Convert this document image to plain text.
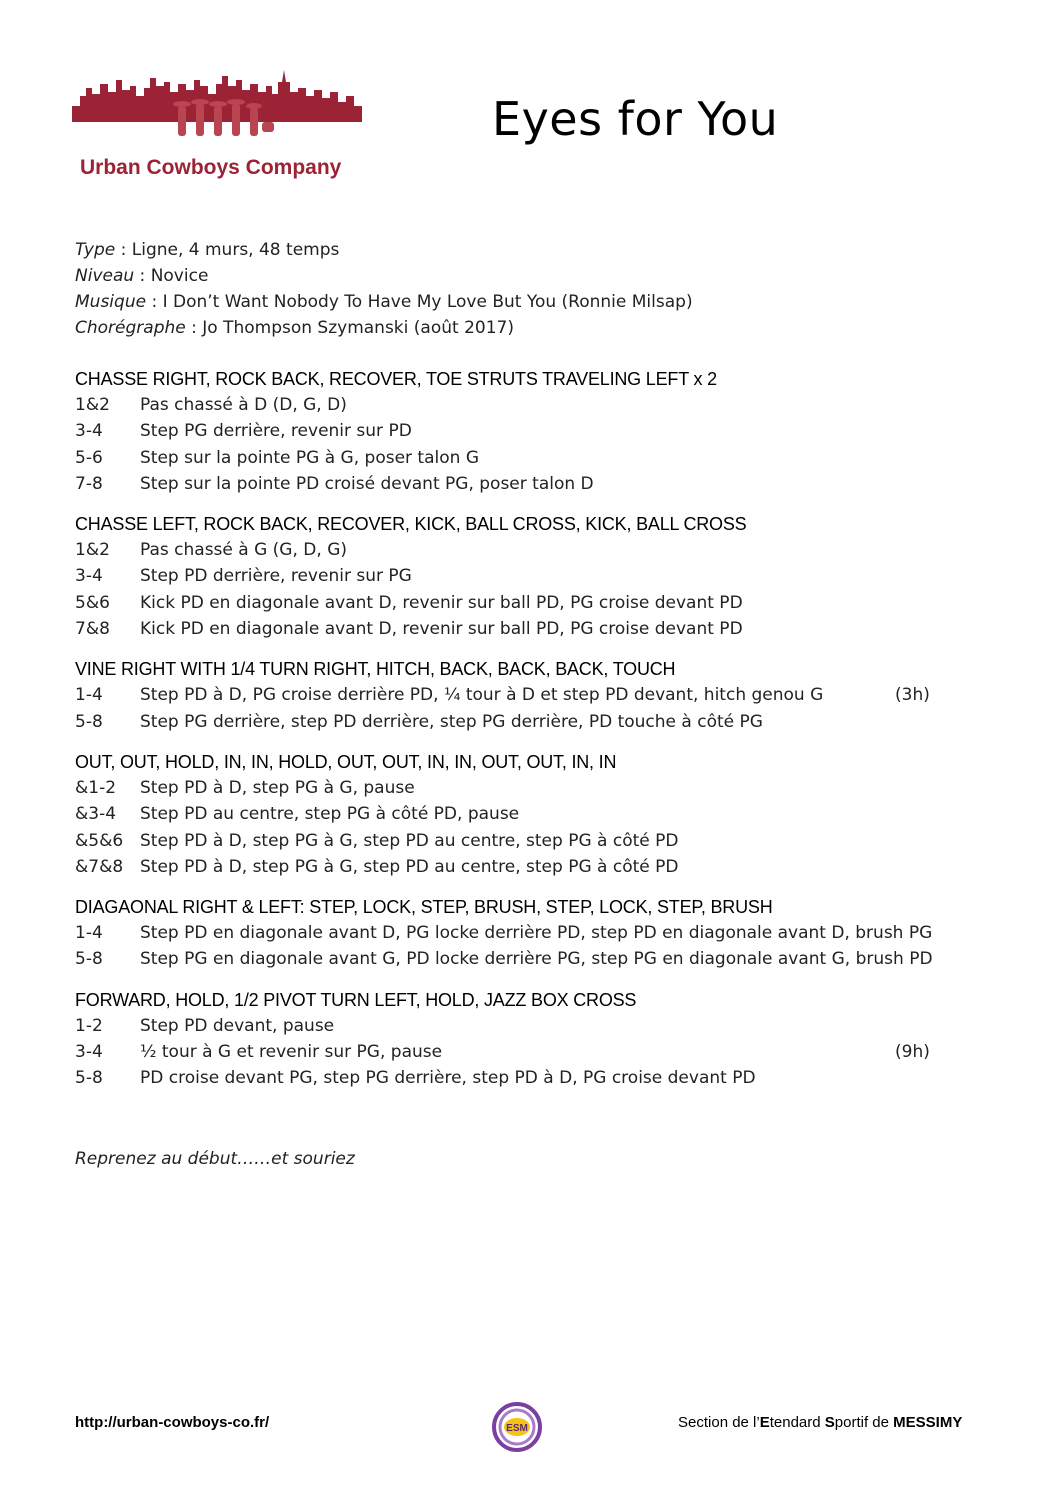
Urban Cowboys Company
Eyes for You
Type : Ligne, 4 murs, 48 temps
Niveau : Novice
Musique : I Don’t Want Nobody To Have My Love But You (Ronnie Milsap)
Chorégraphe : Jo Thompson Szymanski (août 2017)
CHASSE RIGHT, ROCK BACK, RECOVER, TOE STRUTS TRAVELING LEFT x 2
1&2 Pas chassé à D (D, G, D)
3-4 Step PG derrière, revenir sur PD
5-6 Step sur la pointe PG à G, poser talon G
7-8 Step sur la pointe PD croisé devant PG, poser talon D
CHASSE LEFT, ROCK BACK, RECOVER, KICK, BALL CROSS, KICK, BALL CROSS
1&2 Pas chassé à G (G, D, G)
3-4 Step PD derrière, revenir sur PG
5&6 Kick PD en diagonale avant D, revenir sur ball PD, PG croise devant PD
7&8 Kick PD en diagonale avant D, revenir sur ball PD, PG croise devant PD
VINE RIGHT WITH 1/4 TURN RIGHT, HITCH, BACK, BACK, BACK, TOUCH
1-4 Step PD à D, PG croise derrière PD, ¼ tour à D et step PD devant, hitch genou G	(3h)
5-8 Step PG derrière, step PD derrière, step PG derrière, PD touche à côté PG
OUT, OUT, HOLD, IN, IN, HOLD, OUT, OUT, IN, IN, OUT, OUT, IN, IN
&1-2 Step PD à D, step PG à G, pause
&3-4 Step PD au centre, step PG à côté PD, pause
&5&6 Step PD à D, step PG à G, step PD au centre, step PG à côté PD
&7&8 Step PD à D, step PG à G, step PD au centre, step PG à côté PD
DIAGAONAL RIGHT & LEFT: STEP, LOCK, STEP, BRUSH, STEP, LOCK, STEP, BRUSH
1-4 Step PD en diagonale avant D, PG locke derrière PD, step PD en diagonale avant D, brush PG
5-8 Step PG en diagonale avant G, PD locke derrière PG, step PG en diagonale avant G, brush PD
FORWARD, HOLD, 1/2 PIVOT TURN LEFT, HOLD, JAZZ BOX CROSS
1-2 Step PD devant, pause
3-4 ½ tour à G et revenir sur PG, pause	(9h)
5-8 PD croise devant PG, step PG derrière, step PD à D, PG croise devant PD
Reprenez au début……et souriez
http://urban-cowboys-co.fr/	ESM	Section de l’Etendard Sportif de MESSIMY
